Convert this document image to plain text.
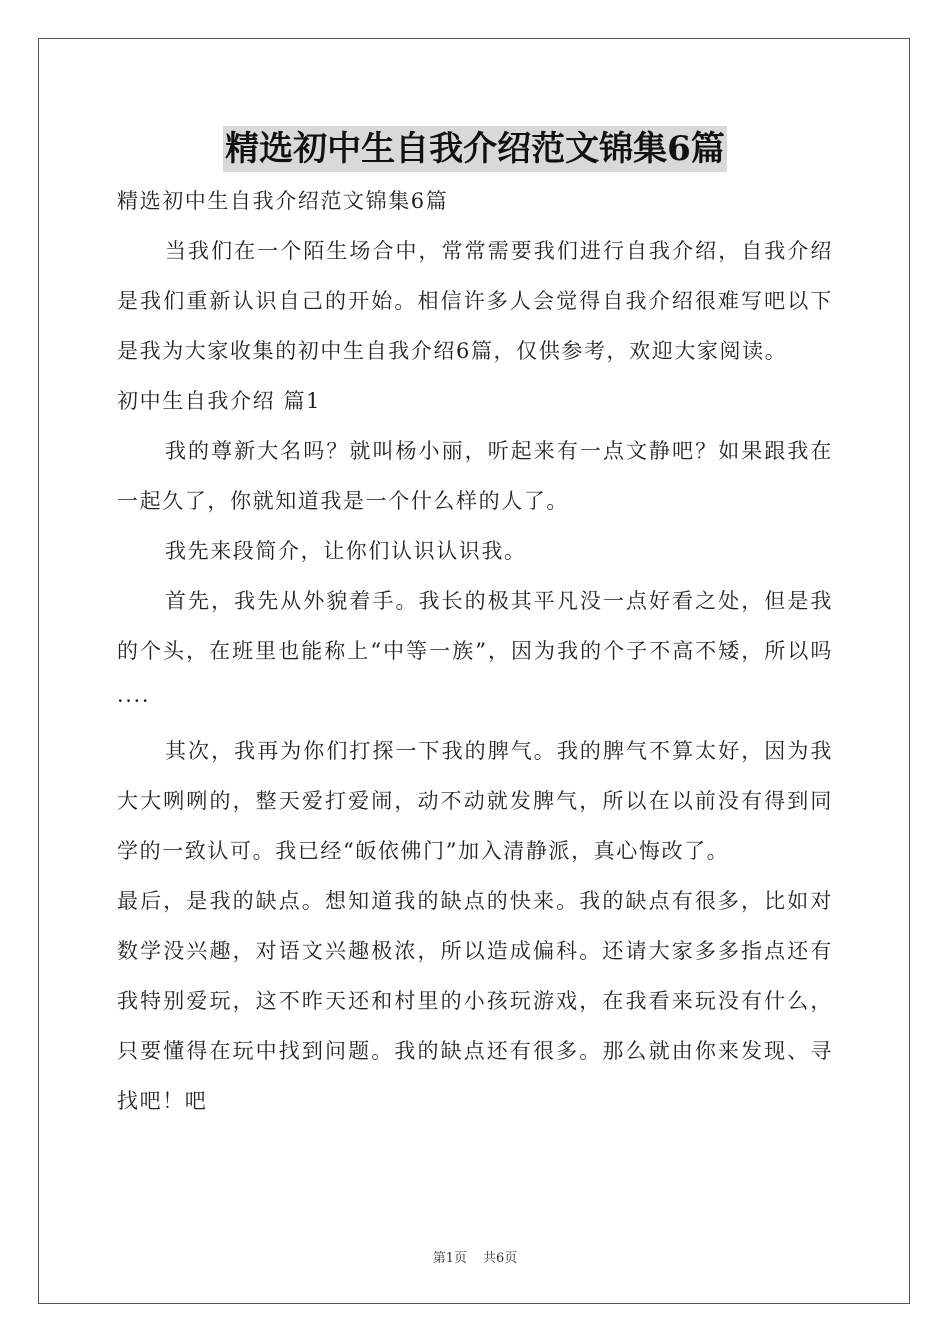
精选初中生自我介绍范文锦集6篇

精选初中生自我介绍范文锦集6篇

当我们在一个陌生场合中，常常需要我们进行自我介绍，自我介绍是我们重新认识自己的开始。相信许多人会觉得自我介绍很难写吧以下是我为大家收集的初中生自我介绍6篇，仅供参考，欢迎大家阅读。

初中生自我介绍 篇1

我的尊新大名吗？就叫杨小丽，听起来有一点文静吧？如果跟我在一起久了，你就知道我是一个什么样的人了。

我先来段简介，让你们认识认识我。

首先，我先从外貌着手。我长的极其平凡没一点好看之处，但是我的个头，在班里也能称上“中等一族”，因为我的个子不高不矮，所以吗····

其次，我再为你们打探一下我的脾气。我的脾气不算太好，因为我大大咧咧的，整天爱打爱闹，动不动就发脾气，所以在以前没有得到同学的一致认可。我已经“皈依佛门”加入清静派，真心悔改了。

最后，是我的缺点。想知道我的缺点的快来。我的缺点有很多，比如对数学没兴趣，对语文兴趣极浓，所以造成偏科。还请大家多多指点还有我特别爱玩，这不昨天还和村里的小孩玩游戏，在我看来玩没有什么，只要懂得在玩中找到问题。我的缺点还有很多。那么就由你来发现、寻找吧！吧

第1页 共6页
